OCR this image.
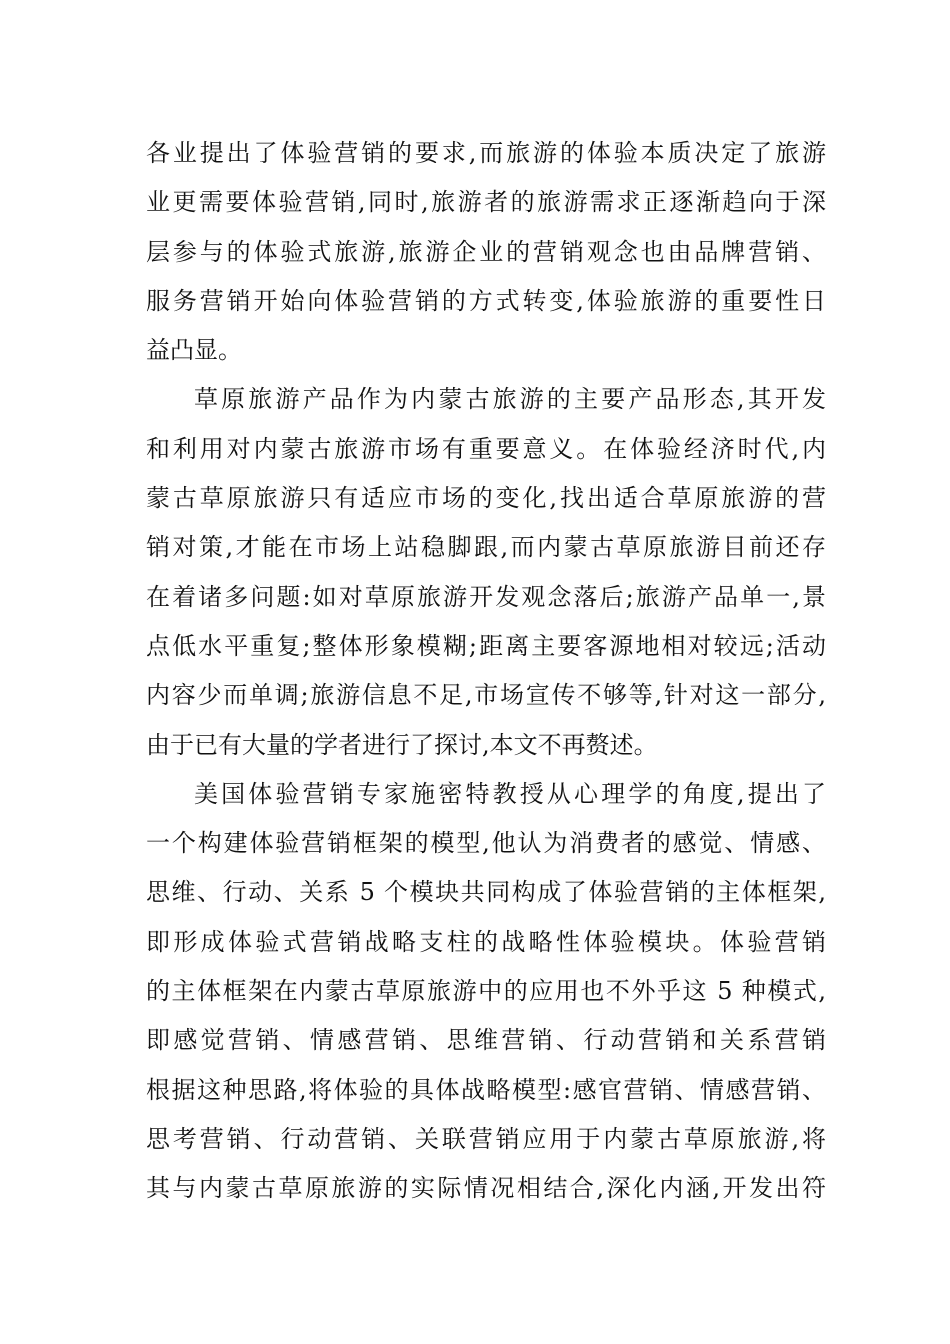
各业提出了体验营销的要求,而旅游的体验本质决定了旅游
业更需要体验营销,同时,旅游者的旅游需求正逐渐趋向于深
层参与的体验式旅游,旅游企业的营销观念也由品牌营销、
服务营销开始向体验营销的方式转变,体验旅游的重要性日
益凸显。
草原旅游产品作为内蒙古旅游的主要产品形态,其开发
和利用对内蒙古旅游市场有重要意义。在体验经济时代,内
蒙古草原旅游只有适应市场的变化,找出适合草原旅游的营
销对策,才能在市场上站稳脚跟,而内蒙古草原旅游目前还存
在着诸多问题:如对草原旅游开发观念落后;旅游产品单一,景
点低水平重复;整体形象模糊;距离主要客源地相对较远;活动
内容少而单调;旅游信息不足,市场宣传不够等,针对这一部分,
由于已有大量的学者进行了探讨,本文不再赘述。
美国体验营销专家施密特教授从心理学的角度,提出了
一个构建体验营销框架的模型,他认为消费者的感觉、情感、
思维、行动、关系 5 个模块共同构成了体验营销的主体框架,
即形成体验式营销战略支柱的战略性体验模块。体验营销
的主体框架在内蒙古草原旅游中的应用也不外乎这 5 种模式,
即感觉营销、情感营销、思维营销、行动营销和关系营销
根据这种思路,将体验的具体战略模型:感官营销、情感营销、
思考营销、行动营销、关联营销应用于内蒙古草原旅游,将
其与内蒙古草原旅游的实际情况相结合,深化内涵,开发出符
